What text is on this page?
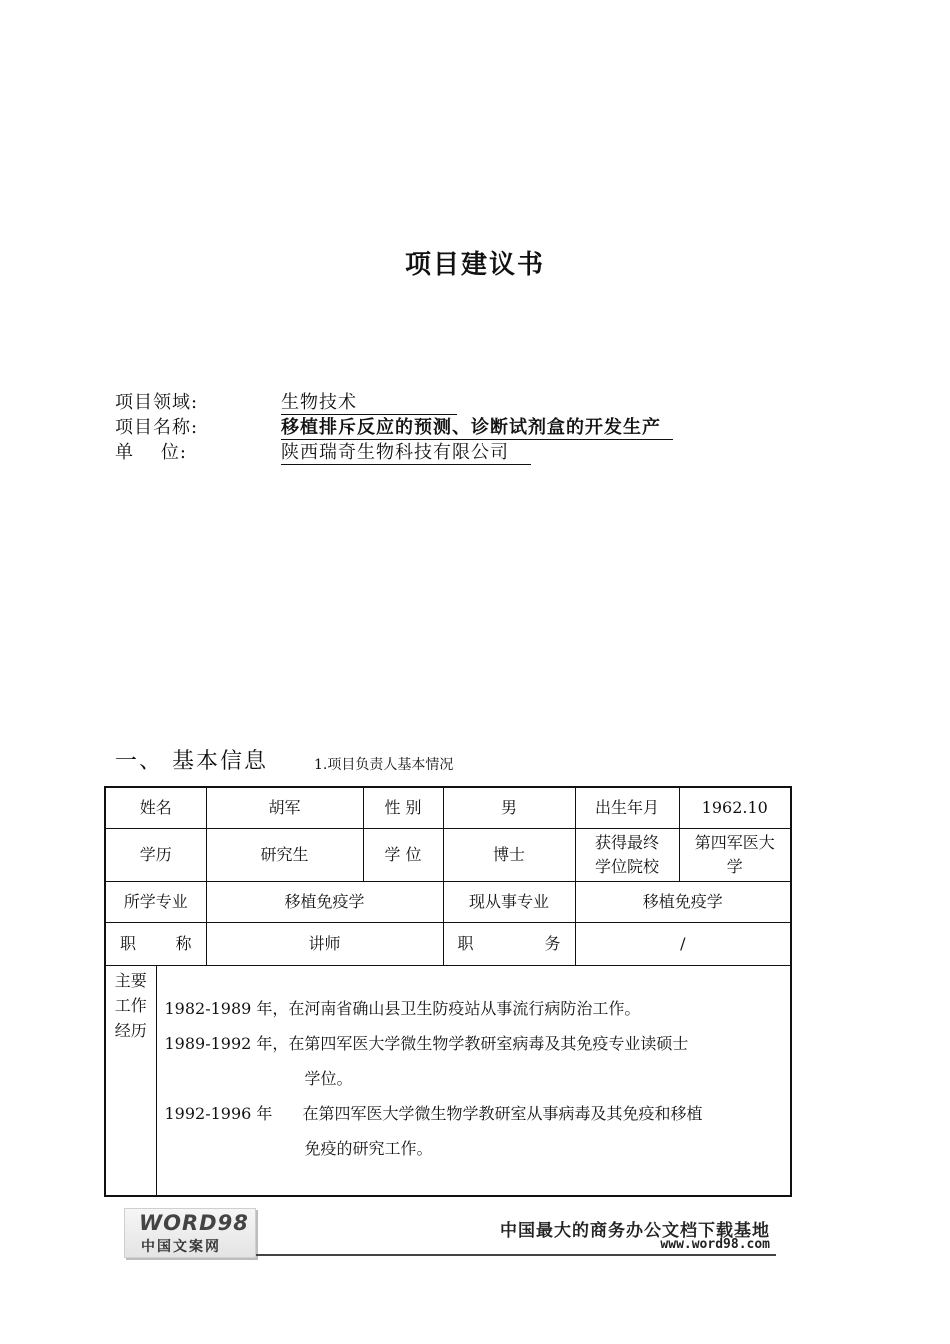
项目建议书
项目领域:	生物技术
项目名称:	移植排斥反应的预测、诊断试剂盒的开发生产
单    位:	陕西瑞奇生物科技有限公司
一、 基本信息	1.项目负责人基本情况
姓名		胡军	性 别	男	出生年月	1962.10
学历		研究生	学 位	博士	获得最终学位院校	第四军医大学
所学专业		移植免疫学		现从事专业	移植免疫学	
职 称		讲师		职 务	/	
主要工作经历	1982-1989 年，在河南省确山县卫生防疫站从事流行病防治工作。
1989-1992 年，在第四军医大学微生物学教研室病毒及其免疫专业读硕士
学位。
1992-1996 年 在第四军医大学微生物学教研室从事病毒及其免疫和移植
免疫的研究工作。					
WORD98
中国文案网
中国最大的商务办公文档下载基地
www.word98.com
